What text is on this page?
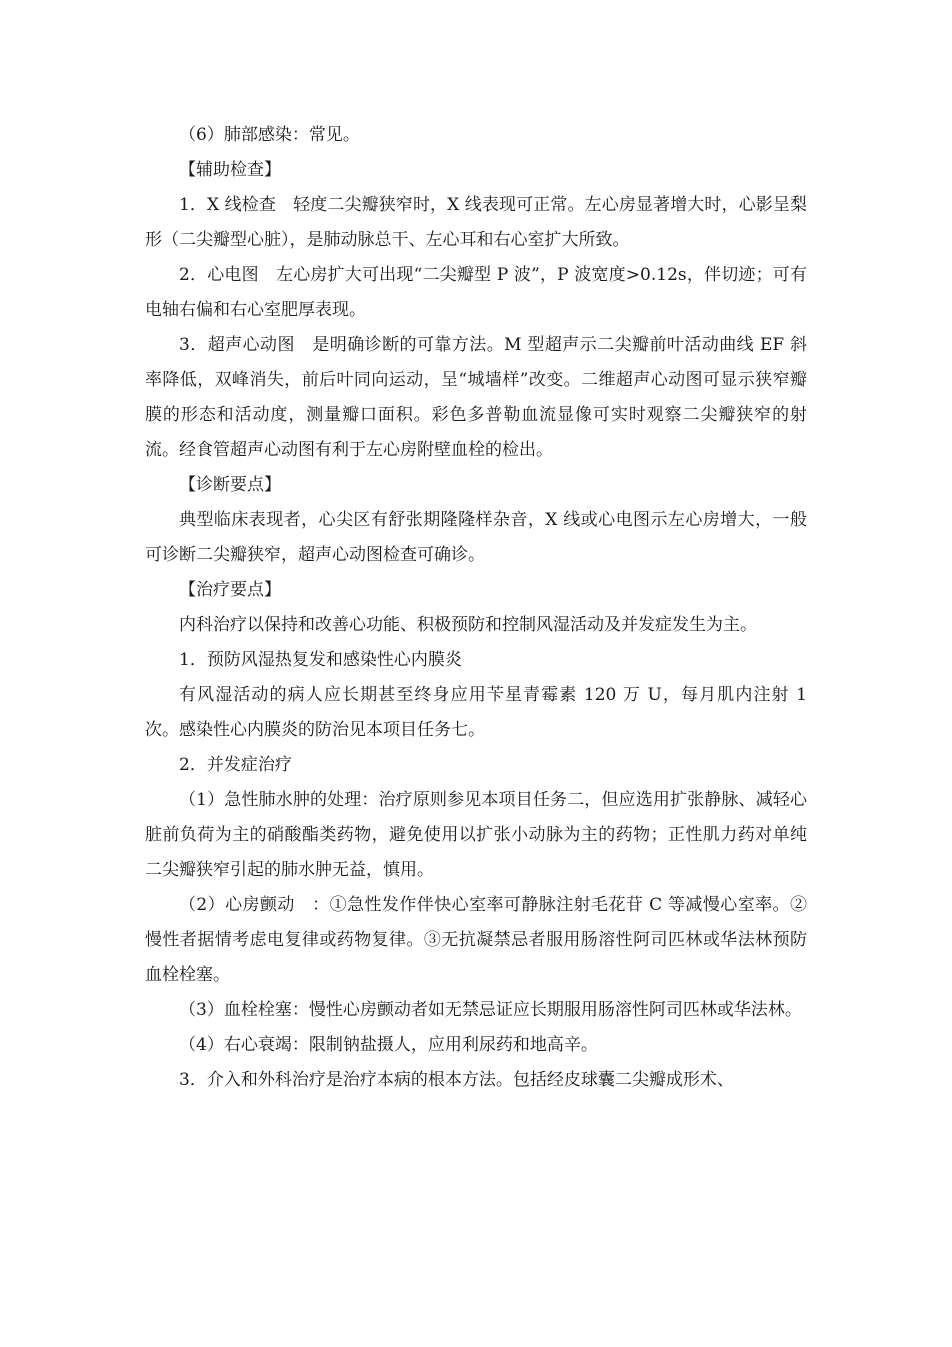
（6）肺部感染：常见。

【辅助检查】

1．X 线检查　轻度二尖瓣狭窄时，X 线表现可正常。左心房显著增大时，心影呈梨形（二尖瓣型心脏），是肺动脉总干、左心耳和右心室扩大所致。

2．心电图　左心房扩大可出现“二尖瓣型 P 波”，P 波宽度>0.12s，伴切迹；可有电轴右偏和右心室肥厚表现。

3．超声心动图　是明确诊断的可靠方法。M 型超声示二尖瓣前叶活动曲线 EF 斜率降低，双峰消失，前后叶同向运动，呈“城墙样”改变。二维超声心动图可显示狭窄瓣膜的形态和活动度，测量瓣口面积。彩色多普勒血流显像可实时观察二尖瓣狭窄的射流。经食管超声心动图有利于左心房附壁血栓的检出。

【诊断要点】

典型临床表现者，心尖区有舒张期隆隆样杂音，X 线或心电图示左心房增大，一般可诊断二尖瓣狭窄，超声心动图检查可确诊。

【治疗要点】

内科治疗以保持和改善心功能、积极预防和控制风湿活动及并发症发生为主。

1．预防风湿热复发和感染性心内膜炎

有风湿活动的病人应长期甚至终身应用苄星青霉素 120 万 U，每月肌内注射 1 次。感染性心内膜炎的防治见本项目任务七。

2．并发症治疗

（1）急性肺水肿的处理：治疗原则参见本项目任务二，但应选用扩张静脉、减轻心脏前负荷为主的硝酸酯类药物，避免使用以扩张小动脉为主的药物；正性肌力药对单纯二尖瓣狭窄引起的肺水肿无益，慎用。

（2）心房颤动　：①急性发作伴快心室率可静脉注射毛花苷 C 等减慢心室率。②慢性者据情考虑电复律或药物复律。③无抗凝禁忌者服用肠溶性阿司匹林或华法林预防血栓栓塞。

（3）血栓栓塞：慢性心房颤动者如无禁忌证应长期服用肠溶性阿司匹林或华法林。

（4）右心衰竭：限制钠盐摄人，应用利尿药和地高辛。

3．介入和外科治疗是治疗本病的根本方法。包括经皮球囊二尖瓣成形术、
